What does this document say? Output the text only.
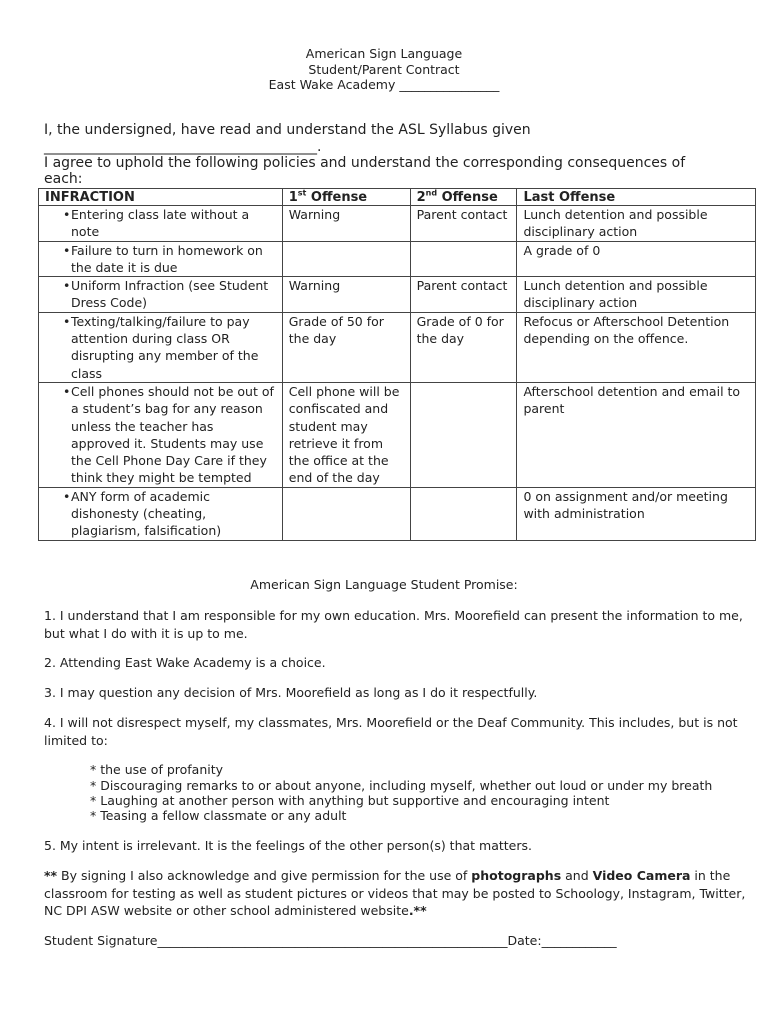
American Sign Language
Student/Parent Contract
East Wake Academy ________________
I, the undersigned, have read and understand the ASL Syllabus given
_______________________________________.
I agree to uphold the following policies and understand the corresponding consequences of
each:
INFRACTION	1st Offense	2nd Offense	Last Offense

• Entering class late without a note	Warning	Parent contact	Lunch detention and possible disciplinary action

• Failure to turn in homework on the date it is due			A grade of 0

• Uniform Infraction (see Student Dress Code)	Warning	Parent contact	Lunch detention and possible disciplinary action

• Texting/talking/failure to pay attention during class OR disrupting any member of the class	Grade of 50 for the day	Grade of 0 for the day	Refocus or Afterschool Detention depending on the offence.

• Cell phones should not be out of a student’s bag for any reason unless the teacher has approved it. Students may use the Cell Phone Day Care if they think they might be tempted	Cell phone will be confiscated and student may retrieve it from the office at the end of the day		Afterschool detention and email to parent

• ANY form of academic dishonesty (cheating, plagiarism, falsification)			0 on assignment and/or meeting with administration
American Sign Language Student Promise:
1. I understand that I am responsible for my own education. Mrs. Moorefield can present the information to me, but what I do with it is up to me.
2. Attending East Wake Academy is a choice.
3. I may question any decision of Mrs. Moorefield as long as I do it respectfully.
4. I will not disrespect myself, my classmates, Mrs. Moorefield or the Deaf Community. This includes, but is not limited to:
* the use of profanity
* Discouraging remarks to or about anyone, including myself, whether out loud or under my breath
* Laughing at another person with anything but supportive and encouraging intent
* Teasing a fellow classmate or any adult
5. My intent is irrelevant. It is the feelings of the other person(s) that matters.
** By signing I also acknowledge and give permission for the use of photographs and Video Camera in the classroom for testing as well as student pictures or videos that may be posted to Schoology, Instagram, Twitter, NC DPI ASW website or other school administered website.**
Student Signature________________________________________________________Date:____________
